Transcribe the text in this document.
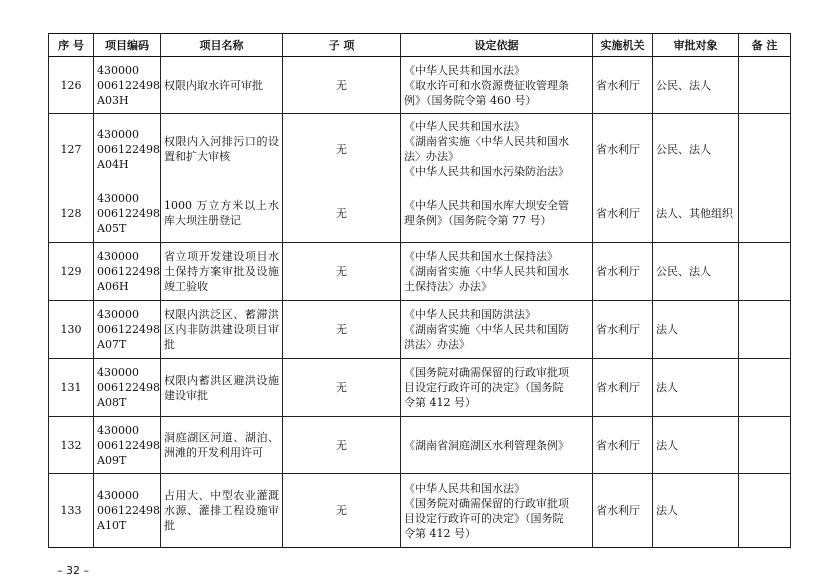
序 号	项目编码	项目名称	子 项	设定依据	实施机关	审批对象	备 注
126	430000
006122498
A03H	权限内取水许可审批	无	《中华人民共和国水法》
《取水许可和水资源费征收管理条
例》（国务院令第 460 号）	省水利厅	公民、法人	
127	430000
006122498
A04H	权限内入河排污口的设置和扩大审核	无	《中华人民共和国水法》
《湖南省实施〈中华人民共和国水
法〉办法》
《中华人民共和国水污染防治法》	省水利厅	公民、法人	
128	430000
006122498
A05T	1000 万立方米以上水库大坝注册登记	无	《中华人民共和国水库大坝安全管
理条例》（国务院令第 77 号）	省水利厅	法人、其他组织	
129	430000
006122498
A06H	省立项开发建设项目水土保持方案审批及设施竣工验收	无	《中华人民共和国水土保持法》
《湖南省实施〈中华人民共和国水
土保持法〉办法》	省水利厅	公民、法人	
130	430000
006122498
A07T	权限内洪泛区、蓄滞洪区内非防洪建设项目审批	无	《中华人民共和国防洪法》
《湖南省实施〈中华人民共和国防
洪法〉办法》	省水利厅	法人	
131	430000
006122498
A08T	权限内蓄洪区避洪设施建设审批	无	《国务院对确需保留的行政审批项
目设定行政许可的决定》（国务院
令第 412 号）	省水利厅	法人	
132	430000
006122498
A09T	洞庭湖区河道、湖泊、洲滩的开发利用许可	无	《湖南省洞庭湖区水利管理条例》	省水利厅	法人	
133	430000
006122498
A10T	占用大、中型农业灌溉水源、灌排工程设施审批	无	《中华人民共和国水法》
《国务院对确需保留的行政审批项
目设定行政许可的决定》（国务院
令第 412 号）	省水利厅	法人	
– 32 –
